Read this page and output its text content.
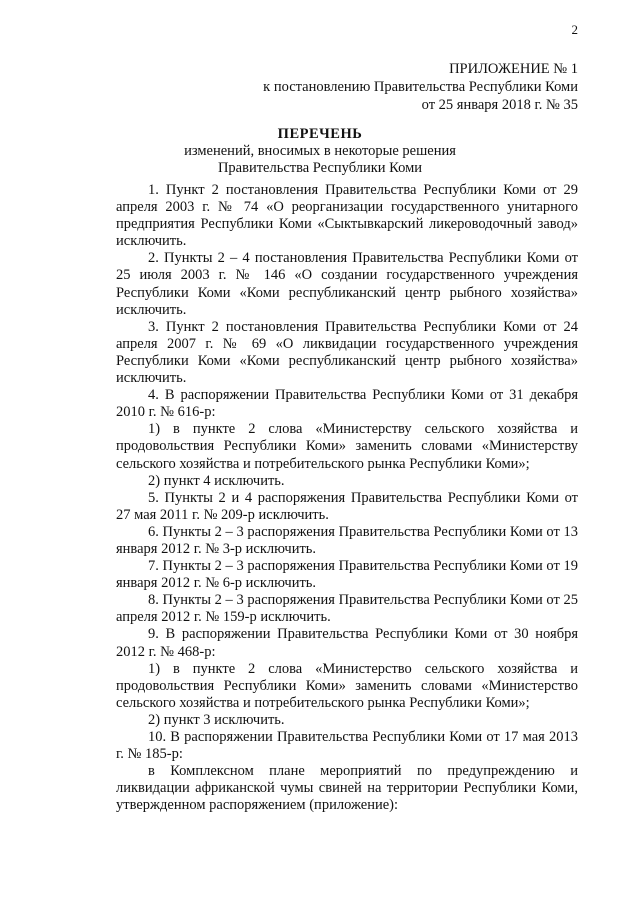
2
ПРИЛОЖЕНИЕ № 1
к постановлению Правительства Республики Коми
от 25 января 2018 г. № 35
ПЕРЕЧЕНЬ
изменений, вносимых в некоторые решения
Правительства Республики Коми

1. Пункт 2 постановления Правительства Республики Коми от 29 апреля 2003 г. № 74 «О реорганизации государственного унитарного предприятия Республики Коми «Сыктывкарский ликероводочный завод» исключить.

2. Пункты 2 – 4 постановления Правительства Республики Коми от 25 июля 2003 г. № 146 «О создании государственного учреждения Республики Коми «Коми республиканский центр рыбного хозяйства» исключить.

3. Пункт 2 постановления Правительства Республики Коми от 24 апреля 2007 г. № 69 «О ликвидации государственного учреждения Республики Коми «Коми республиканский центр рыбного хозяйства» исключить.

4. В распоряжении Правительства Республики Коми от 31 декабря 2010 г. № 616-р:

1) в пункте 2 слова «Министерству сельского хозяйства и продовольствия Республики Коми» заменить словами «Министерству сельского хозяйства и потребительского рынка Республики Коми»;

2) пункт 4 исключить.

5. Пункты 2 и 4 распоряжения Правительства Республики Коми от 27 мая 2011 г. № 209-р исключить.

6. Пункты 2 – 3 распоряжения Правительства Республики Коми от 13 января 2012 г. № 3-р исключить.

7. Пункты 2 – 3 распоряжения Правительства Республики Коми от 19 января 2012 г. № 6-р исключить.

8. Пункты 2 – 3 распоряжения Правительства Республики Коми от 25 апреля 2012 г. № 159-р исключить.

9. В распоряжении Правительства Республики Коми от 30 ноября 2012 г. № 468-р:

1) в пункте 2 слова «Министерство сельского хозяйства и продовольствия Республики Коми» заменить словами «Министерство сельского хозяйства и потребительского рынка Республики Коми»;

2) пункт 3 исключить.

10. В распоряжении Правительства Республики Коми от 17 мая 2013 г. № 185-р:

в Комплексном плане мероприятий по предупреждению и ликвидации африканской чумы свиней на территории Республики Коми, утвержденном распоряжением (приложение):
